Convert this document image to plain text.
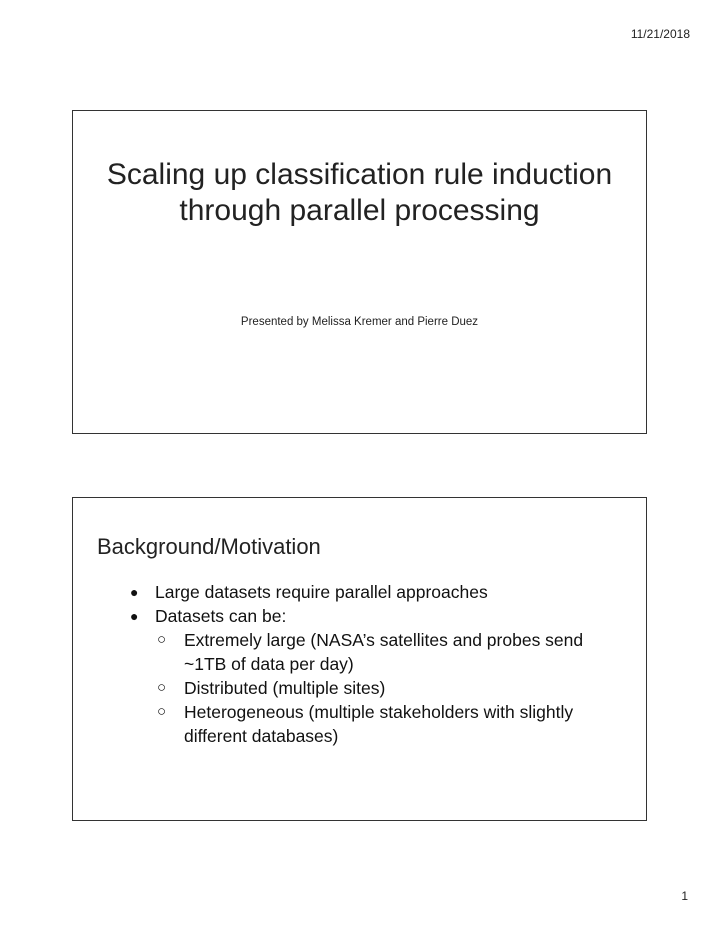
11/21/2018
Scaling up classification rule induction through parallel processing
Presented by Melissa Kremer and Pierre Duez
Background/Motivation
● Large datasets require parallel approaches
● Datasets can be:
○ Extremely large (NASA’s satellites and probes send ~1TB of data per day)
○ Distributed (multiple sites)
○ Heterogeneous (multiple stakeholders with slightly different databases)
1
